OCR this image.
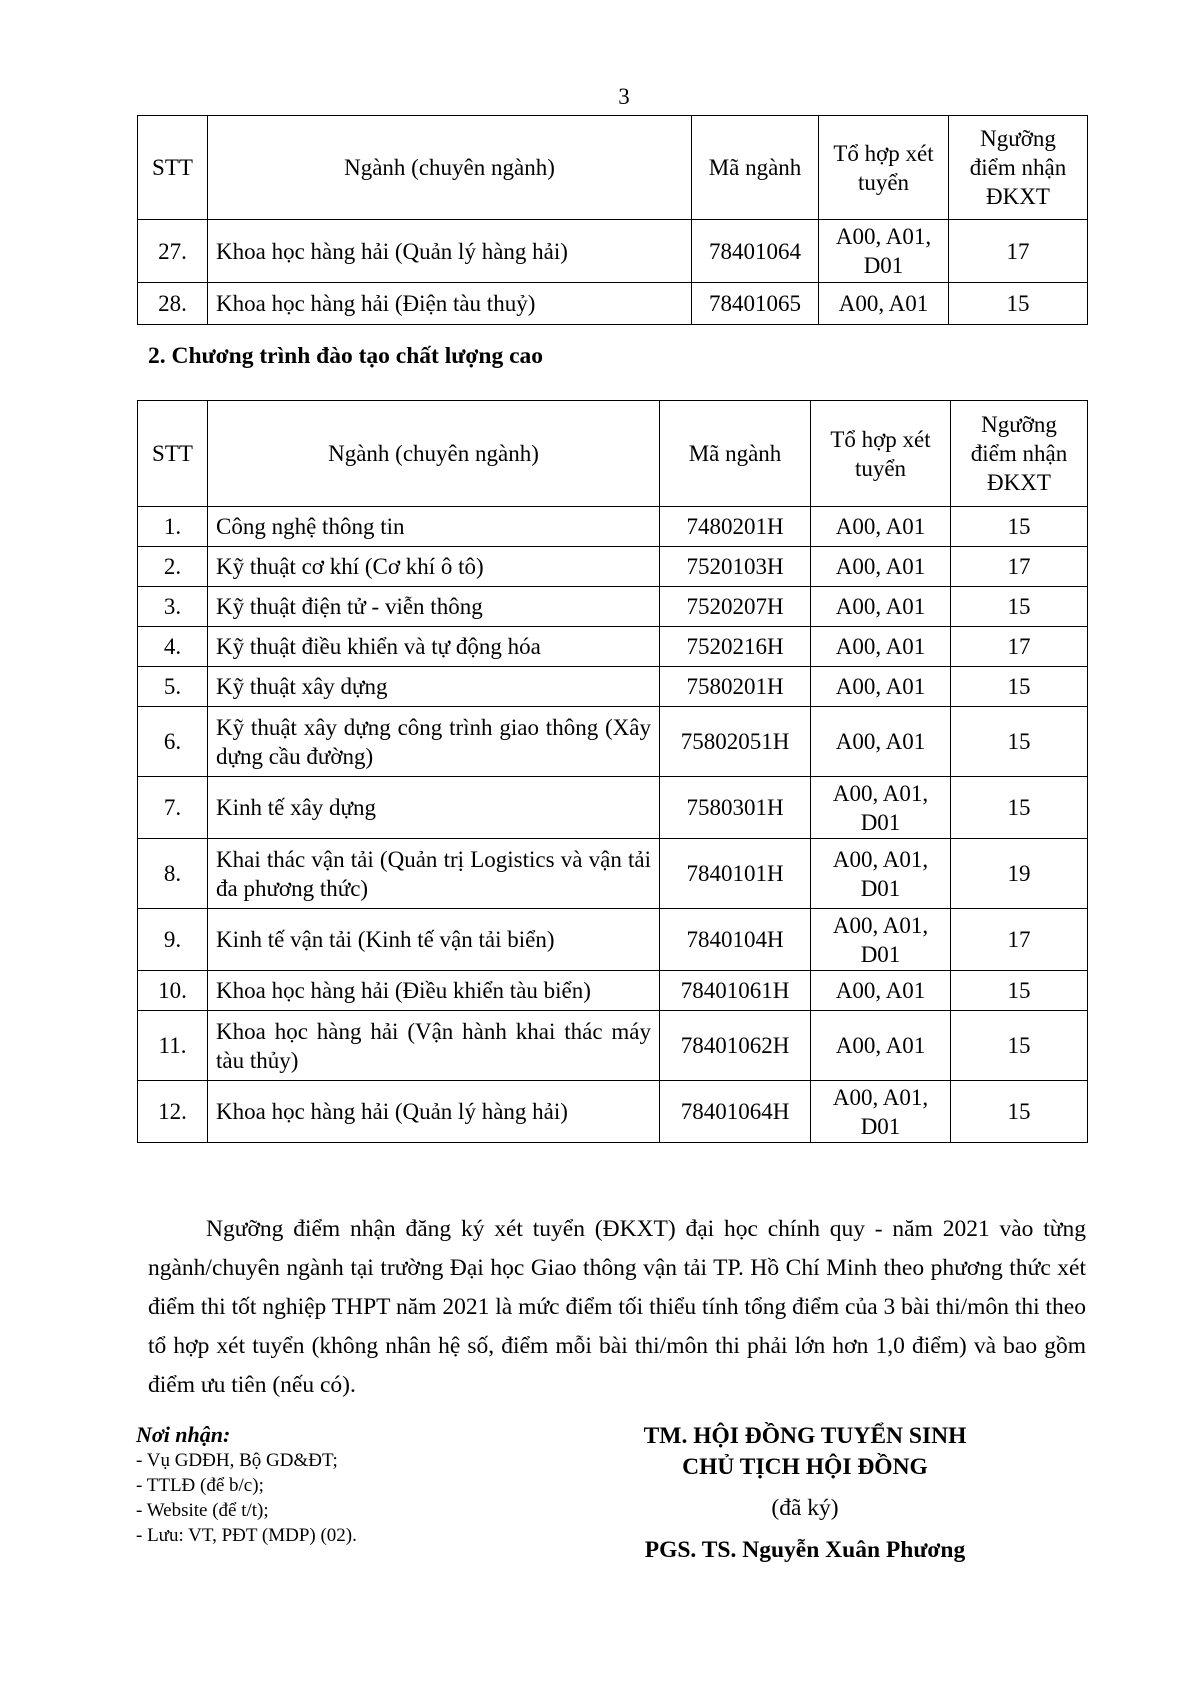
3
STT	Ngành (chuyên ngành)	Mã ngành	Tổ hợp xét tuyển	Ngưỡng điểm nhận ĐKXT
27.	Khoa học hàng hải (Quản lý hàng hải)	78401064	A00, A01, D01	17
28.	Khoa học hàng hải (Điện tàu thuỷ)	78401065	A00, A01	15
2. Chương trình đào tạo chất lượng cao
STT	Ngành (chuyên ngành)	Mã ngành	Tổ hợp xét tuyển	Ngưỡng điểm nhận ĐKXT
1.	Công nghệ thông tin	7480201H	A00, A01	15
2.	Kỹ thuật cơ khí (Cơ khí ô tô)	7520103H	A00, A01	17
3.	Kỹ thuật điện tử - viễn thông	7520207H	A00, A01	15
4.	Kỹ thuật điều khiển và tự động hóa	7520216H	A00, A01	17
5.	Kỹ thuật xây dựng	7580201H	A00, A01	15
6.	Kỹ thuật xây dựng công trình giao thông (Xây dựng cầu đường)	75802051H	A00, A01	15
7.	Kinh tế xây dựng	7580301H	A00, A01, D01	15
8.	Khai thác vận tải (Quản trị Logistics và vận tải đa phương thức)	7840101H	A00, A01, D01	19
9.	Kinh tế vận tải (Kinh tế vận tải biển)	7840104H	A00, A01, D01	17
10.	Khoa học hàng hải (Điều khiển tàu biển)	78401061H	A00, A01	15
11.	Khoa học hàng hải (Vận hành khai thác máy tàu thủy)	78401062H	A00, A01	15
12.	Khoa học hàng hải (Quản lý hàng hải)	78401064H	A00, A01, D01	15
Ngưỡng điểm nhận đăng ký xét tuyển (ĐKXT) đại học chính quy - năm 2021 vào từng ngành/chuyên ngành tại trường Đại học Giao thông vận tải TP. Hồ Chí Minh theo phương thức xét điểm thi tốt nghiệp THPT năm 2021 là mức điểm tối thiểu tính tổng điểm của 3 bài thi/môn thi theo tổ hợp xét tuyển (không nhân hệ số, điểm mỗi bài thi/môn thi phải lớn hơn 1,0 điểm) và bao gồm điểm ưu tiên (nếu có).
Nơi nhận:
- Vụ GDĐH, Bộ GD&ĐT;
- TTLĐ (để b/c);
- Website (để t/t);
- Lưu: VT, PĐT (MDP) (02).
TM. HỘI ĐỒNG TUYỂN SINH
CHỦ TỊCH HỘI ĐỒNG
(đã ký)
PGS. TS. Nguyễn Xuân Phương
